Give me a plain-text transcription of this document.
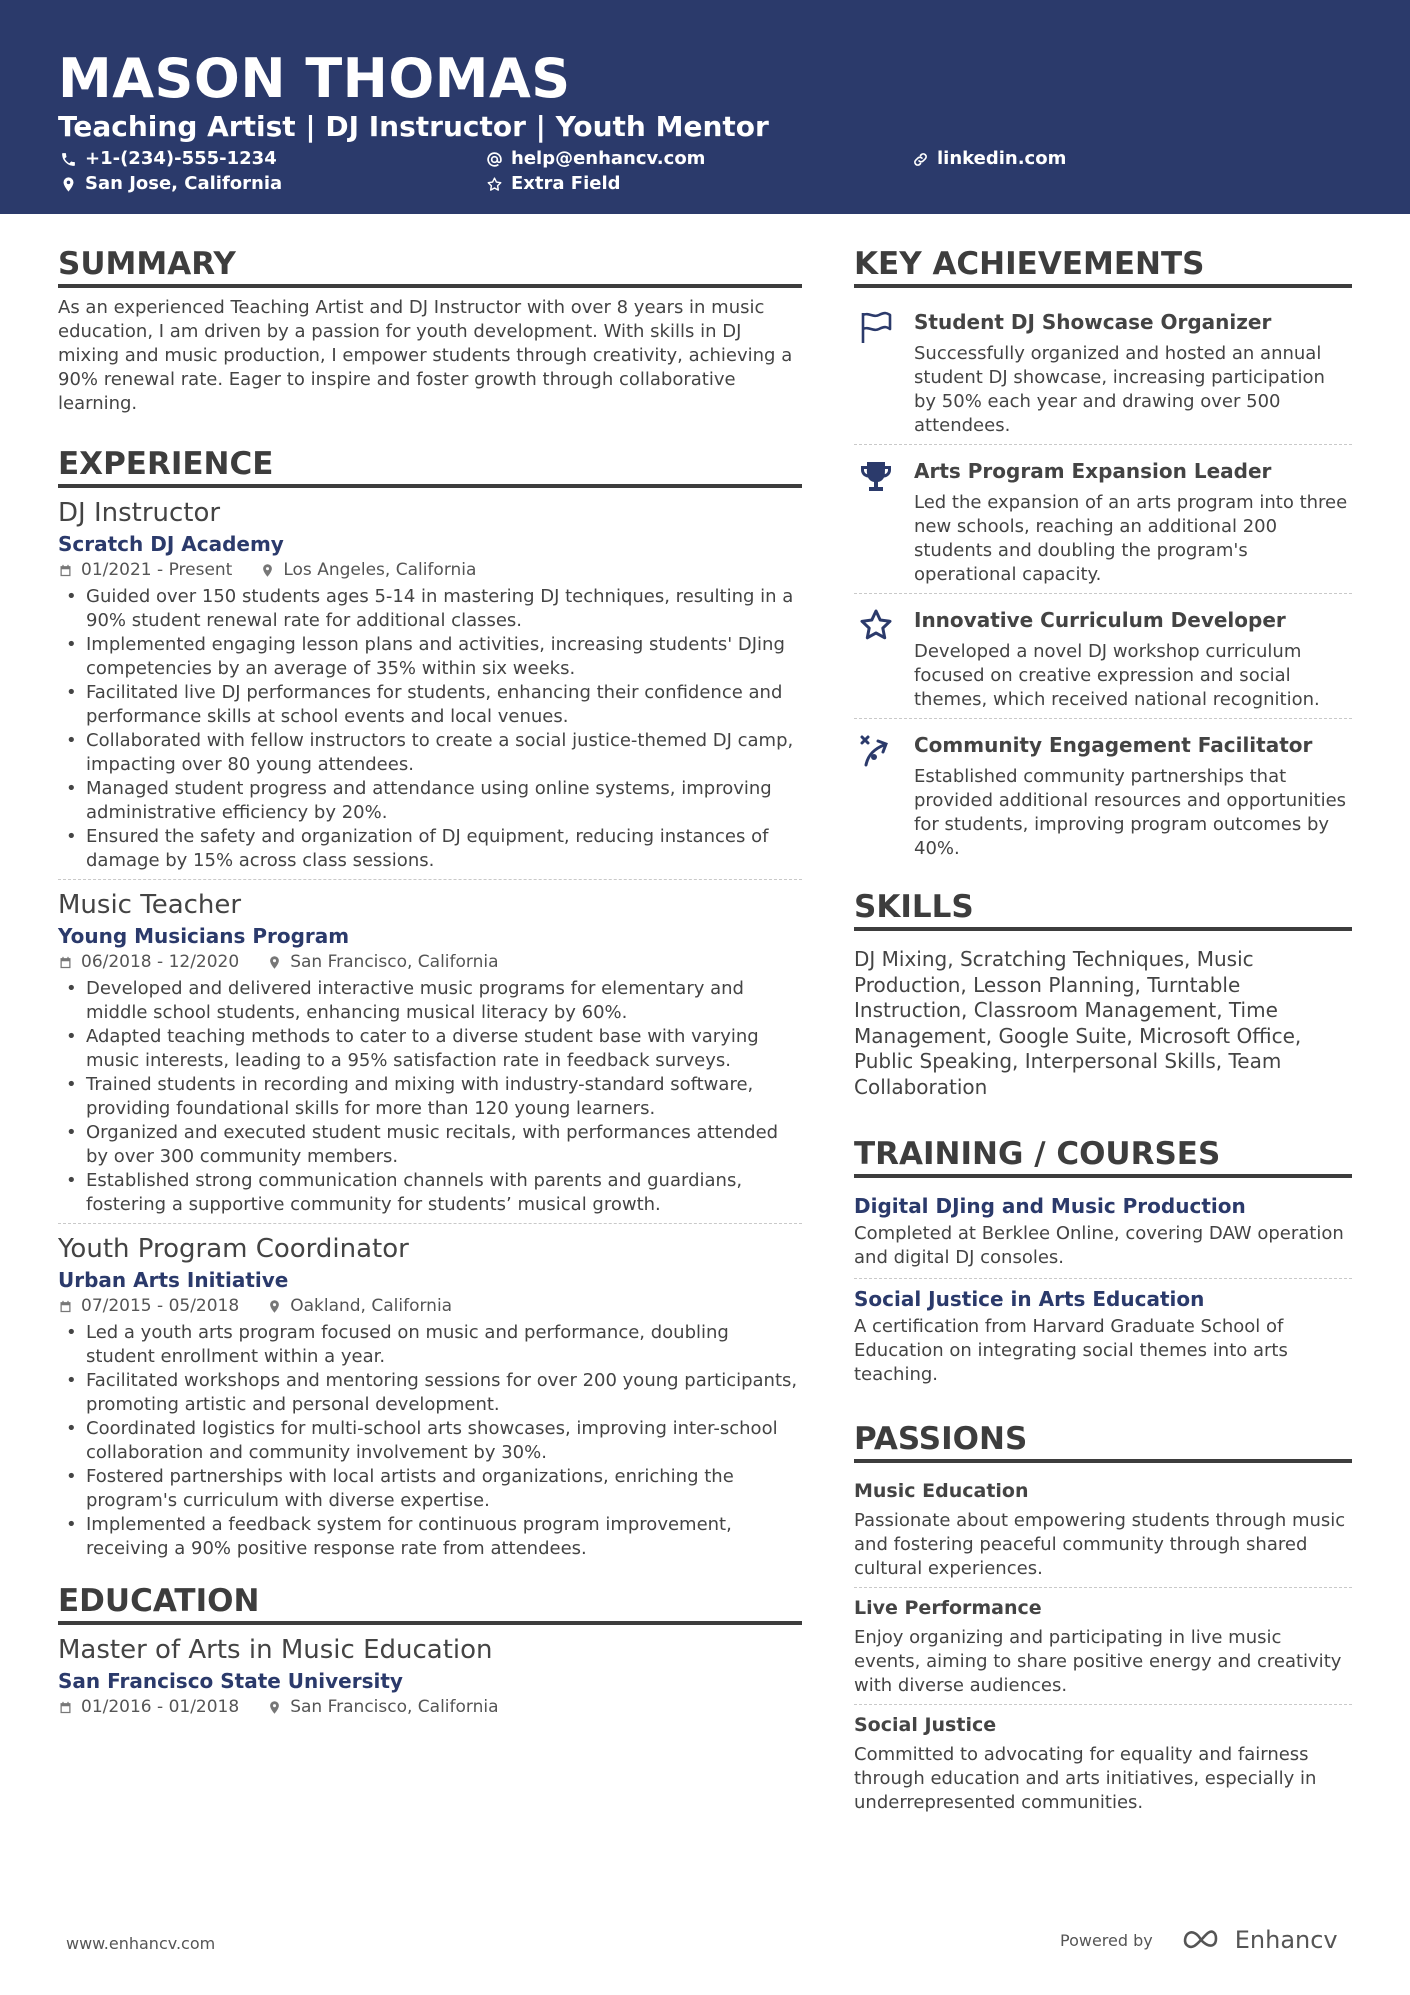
MASON THOMAS
Teaching Artist | DJ Instructor | Youth Mentor
+1-(234)-555-1234	help@enhancv.com	linkedin.com
San Jose, California	Extra Field
SUMMARY
As an experienced Teaching Artist and DJ Instructor with over 8 years in music education, I am driven by a passion for youth development. With skills in DJ mixing and music production, I empower students through creativity, achieving a 90% renewal rate. Eager to inspire and foster growth through collaborative learning.
EXPERIENCE
DJ Instructor
Scratch DJ Academy
01/2021 - Present	Los Angeles, California
• Guided over 150 students ages 5-14 in mastering DJ techniques, resulting in a 90% student renewal rate for additional classes.
• Implemented engaging lesson plans and activities, increasing students' DJing competencies by an average of 35% within six weeks.
• Facilitated live DJ performances for students, enhancing their confidence and performance skills at school events and local venues.
• Collaborated with fellow instructors to create a social justice-themed DJ camp, impacting over 80 young attendees.
• Managed student progress and attendance using online systems, improving administrative efficiency by 20%.
• Ensured the safety and organization of DJ equipment, reducing instances of damage by 15% across class sessions.
Music Teacher
Young Musicians Program
06/2018 - 12/2020	San Francisco, California
• Developed and delivered interactive music programs for elementary and middle school students, enhancing musical literacy by 60%.
• Adapted teaching methods to cater to a diverse student base with varying music interests, leading to a 95% satisfaction rate in feedback surveys.
• Trained students in recording and mixing with industry-standard software, providing foundational skills for more than 120 young learners.
• Organized and executed student music recitals, with performances attended by over 300 community members.
• Established strong communication channels with parents and guardians, fostering a supportive community for students’ musical growth.
Youth Program Coordinator
Urban Arts Initiative
07/2015 - 05/2018	Oakland, California
• Led a youth arts program focused on music and performance, doubling student enrollment within a year.
• Facilitated workshops and mentoring sessions for over 200 young participants, promoting artistic and personal development.
• Coordinated logistics for multi-school arts showcases, improving inter-school collaboration and community involvement by 30%.
• Fostered partnerships with local artists and organizations, enriching the program's curriculum with diverse expertise.
• Implemented a feedback system for continuous program improvement, receiving a 90% positive response rate from attendees.
EDUCATION
Master of Arts in Music Education
San Francisco State University
01/2016 - 01/2018	San Francisco, California
KEY ACHIEVEMENTS
Student DJ Showcase Organizer
Successfully organized and hosted an annual student DJ showcase, increasing participation by 50% each year and drawing over 500 attendees.
Arts Program Expansion Leader
Led the expansion of an arts program into three new schools, reaching an additional 200 students and doubling the program's operational capacity.
Innovative Curriculum Developer
Developed a novel DJ workshop curriculum focused on creative expression and social themes, which received national recognition.
Community Engagement Facilitator
Established community partnerships that provided additional resources and opportunities for students, improving program outcomes by 40%.
SKILLS
DJ Mixing, Scratching Techniques, Music Production, Lesson Planning, Turntable Instruction, Classroom Management, Time Management, Google Suite, Microsoft Office, Public Speaking, Interpersonal Skills, Team Collaboration
TRAINING / COURSES
Digital DJing and Music Production
Completed at Berklee Online, covering DAW operation and digital DJ consoles.
Social Justice in Arts Education
A certification from Harvard Graduate School of Education on integrating social themes into arts teaching.
PASSIONS
Music Education
Passionate about empowering students through music and fostering peaceful community through shared cultural experiences.
Live Performance
Enjoy organizing and participating in live music events, aiming to share positive energy and creativity with diverse audiences.
Social Justice
Committed to advocating for equality and fairness through education and arts initiatives, especially in underrepresented communities.
www.enhancv.com	Powered by	Enhancv
